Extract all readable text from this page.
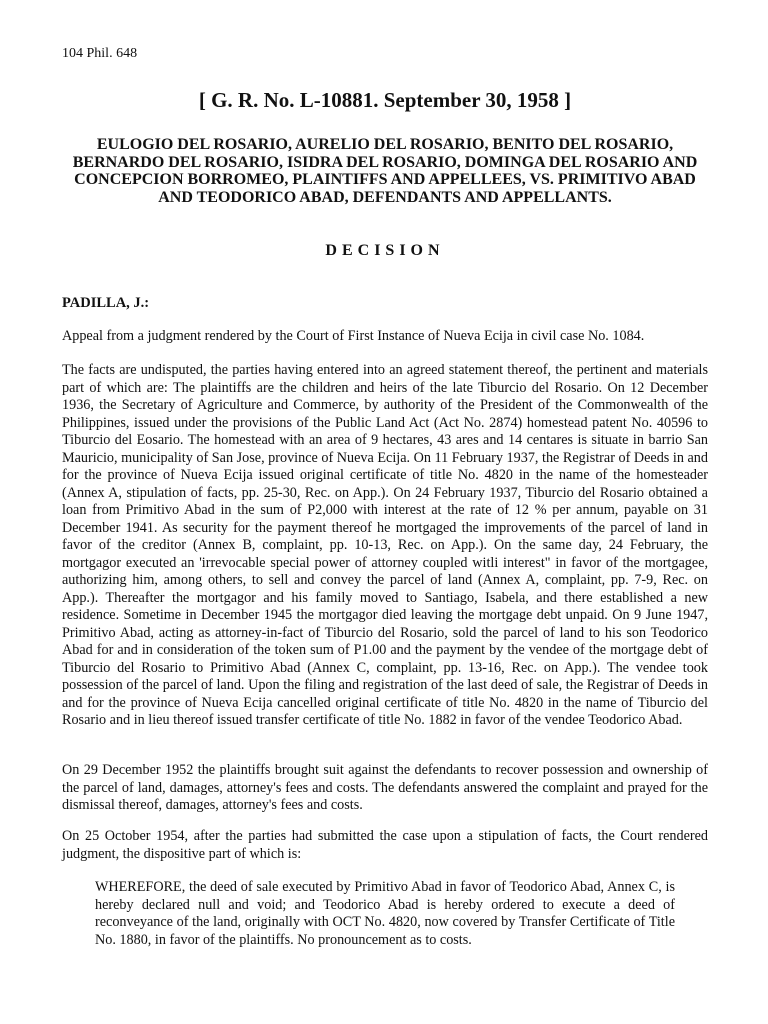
104 Phil. 648
[ G. R. No. L-10881. September 30, 1958 ]
EULOGIO DEL ROSARIO, AURELIO DEL ROSARIO, BENITO DEL ROSARIO, BERNARDO DEL ROSARIO, ISIDRA DEL ROSARIO, DOMINGA DEL ROSARIO AND CONCEPCION BORROMEO, PLAINTIFFS AND APPELLEES, VS. PRIMITIVO ABAD AND TEODORICO ABAD, DEFENDANTS AND APPELLANTS.
DECISION
PADILLA, J.:

Appeal from a judgment rendered by the Court of First Instance of Nueva Ecija in civil case No. 1084.

The facts are undisputed, the parties having entered into an agreed statement thereof, the pertinent and materials part of which are: The plaintiffs are the children and heirs of the late Tiburcio del Rosario. On 12 December 1936, the Secretary of Agriculture and Commerce, by authority of the President of the Commonwealth of the Philippines, issued under the provisions of the Public Land Act (Act No. 2874) homestead patent No. 40596 to Tiburcio del Eosario. The homestead with an area of 9 hectares, 43 ares and 14 centares is situate in barrio San Mauricio, municipality of San Jose, province of Nueva Ecija. On 11 February 1937, the Registrar of Deeds in and for the province of Nueva Ecija issued original certificate of title No. 4820 in the name of the homesteader (Annex A, stipulation of facts, pp. 25-30, Rec. on App.). On 24 February 1937, Tiburcio del Rosario obtained a loan from Primitivo Abad in the sum of P2,000 with interest at the rate of 12 % per annum, payable on 31 December 1941. As security for the payment thereof he mortgaged the improvements of the parcel of land in favor of the creditor (Annex B, complaint, pp. 10-13, Rec. on App.). On the same day, 24 February, the mortgagor executed an 'irrevocable special power of attorney coupled witli interest" in favor of the mortgagee, authorizing him, among others, to sell and convey the parcel of land (Annex A, complaint, pp. 7-9, Rec. on App.). Thereafter the mortgagor and his family moved to Santiago, Isabela, and there established a new residence. Sometime in December 1945 the mortgagor died leaving the mortgage debt unpaid. On 9 June 1947, Primitivo Abad, acting as attorney-in-fact of Tiburcio del Rosario, sold the parcel of land to his son Teodorico Abad for and in consideration of the token sum of P1.00 and the payment by the vendee of the mortgage debt of Tiburcio del Rosario to Primitivo Abad (Annex C, complaint, pp. 13-16, Rec. on App.). The vendee took possession of the parcel of land. Upon the filing and registration of the last deed of sale, the Registrar of Deeds in and for the province of Nueva Ecija cancelled original certificate of title No. 4820 in the name of Tiburcio del Rosario and in lieu thereof issued transfer certificate of title No. 1882 in favor of the vendee Teodorico Abad.

On 29 December 1952 the plaintiffs brought suit against the defendants to recover possession and ownership of the parcel of land, damages, attorney's fees and costs. The defendants answered the complaint and prayed for the dismissal thereof, damages, attorney's fees and costs.

On 25 October 1954, after the parties had submitted the case upon a stipulation of facts, the Court rendered judgment, the dispositive part of which is:

WHEREFORE, the deed of sale executed by Primitivo Abad in favor of Teodorico Abad, Annex C, is hereby declared null and void; and Teodorico Abad is hereby ordered to execute a deed of reconveyance of the land, originally with OCT No. 4820, now covered by Transfer Certificate of Title No. 1880, in favor of the plaintiffs. No pronouncement as to costs.
